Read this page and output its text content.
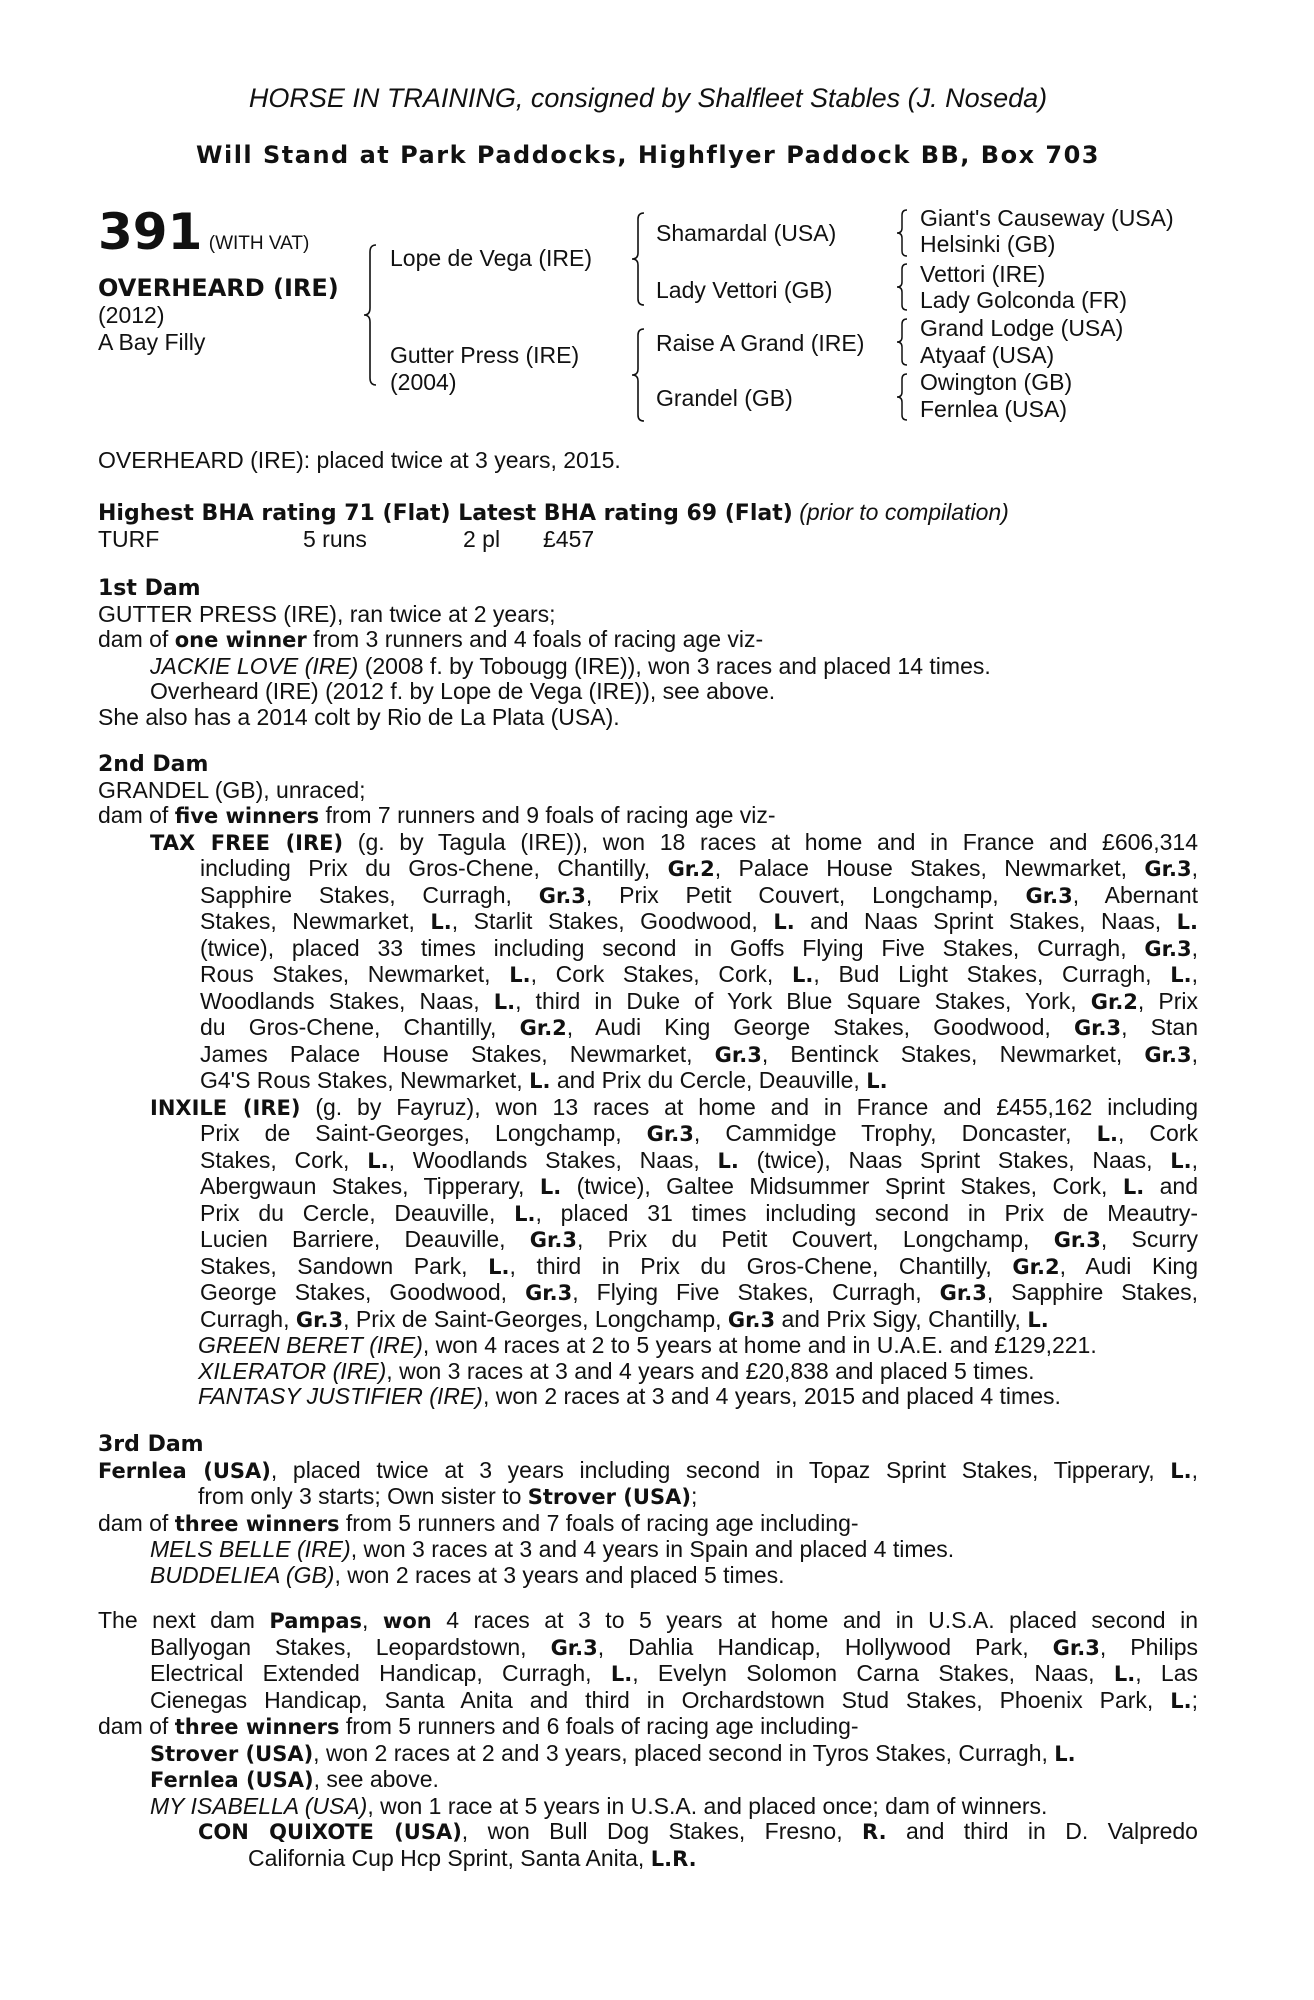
HORSE IN TRAINING, consigned by Shalfleet Stables (J. Noseda)
Will Stand at Park Paddocks, Highflyer Paddock BB, Box 703
391 (WITH VAT)
OVERHEARD (IRE)
(2012)
A Bay Filly
Lope de Vega (IRE)
Gutter Press (IRE)
(2004)
Shamardal (USA)
Lady Vettori (GB)
Raise A Grand (IRE)
Grandel (GB)
Giant's Causeway (USA)
Helsinki (GB)
Vettori (IRE)
Lady Golconda (FR)
Grand Lodge (USA)
Atyaaf (USA)
Owington (GB)
Fernlea (USA)
OVERHEARD (IRE): placed twice at 3 years, 2015.
Highest BHA rating 71 (Flat) Latest BHA rating 69 (Flat) (prior to compilation)
TURF	5 runs	2 pl £457
1st Dam
GUTTER PRESS (IRE), ran twice at 2 years;
dam of one winner from 3 runners and 4 foals of racing age viz-
JACKIE LOVE (IRE) (2008 f. by Tobougg (IRE)), won 3 races and placed 14 times.
Overheard (IRE) (2012 f. by Lope de Vega (IRE)), see above.
She also has a 2014 colt by Rio de La Plata (USA).
2nd Dam
GRANDEL (GB), unraced;
dam of five winners from 7 runners and 9 foals of racing age viz-
TAX FREE (IRE) (g. by Tagula (IRE)), won 18 races at home and in France and £606,314
including Prix du Gros-Chene, Chantilly, Gr.2, Palace House Stakes, Newmarket, Gr.3,
Sapphire Stakes, Curragh, Gr.3, Prix Petit Couvert, Longchamp, Gr.3, Abernant
Stakes, Newmarket, L., Starlit Stakes, Goodwood, L. and Naas Sprint Stakes, Naas, L.
(twice), placed 33 times including second in Goffs Flying Five Stakes, Curragh, Gr.3,
Rous Stakes, Newmarket, L., Cork Stakes, Cork, L., Bud Light Stakes, Curragh, L.,
Woodlands Stakes, Naas, L., third in Duke of York Blue Square Stakes, York, Gr.2, Prix
du Gros-Chene, Chantilly, Gr.2, Audi King George Stakes, Goodwood, Gr.3, Stan
James Palace House Stakes, Newmarket, Gr.3, Bentinck Stakes, Newmarket, Gr.3,
G4'S Rous Stakes, Newmarket, L. and Prix du Cercle, Deauville, L.
INXILE (IRE) (g. by Fayruz), won 13 races at home and in France and £455,162 including
Prix de Saint-Georges, Longchamp, Gr.3, Cammidge Trophy, Doncaster, L., Cork
Stakes, Cork, L., Woodlands Stakes, Naas, L. (twice), Naas Sprint Stakes, Naas, L.,
Abergwaun Stakes, Tipperary, L. (twice), Galtee Midsummer Sprint Stakes, Cork, L. and
Prix du Cercle, Deauville, L., placed 31 times including second in Prix de Meautry-
Lucien Barriere, Deauville, Gr.3, Prix du Petit Couvert, Longchamp, Gr.3, Scurry
Stakes, Sandown Park, L., third in Prix du Gros-Chene, Chantilly, Gr.2, Audi King
George Stakes, Goodwood, Gr.3, Flying Five Stakes, Curragh, Gr.3, Sapphire Stakes,
Curragh, Gr.3, Prix de Saint-Georges, Longchamp, Gr.3 and Prix Sigy, Chantilly, L.
GREEN BERET (IRE), won 4 races at 2 to 5 years at home and in U.A.E. and £129,221.
XILERATOR (IRE), won 3 races at 3 and 4 years and £20,838 and placed 5 times.
FANTASY JUSTIFIER (IRE), won 2 races at 3 and 4 years, 2015 and placed 4 times.
3rd Dam
Fernlea (USA), placed twice at 3 years including second in Topaz Sprint Stakes, Tipperary, L.,
from only 3 starts; Own sister to Strover (USA);
dam of three winners from 5 runners and 7 foals of racing age including-
MELS BELLE (IRE), won 3 races at 3 and 4 years in Spain and placed 4 times.
BUDDELIEA (GB), won 2 races at 3 years and placed 5 times.
The next dam Pampas, won 4 races at 3 to 5 years at home and in U.S.A. placed second in
Ballyogan Stakes, Leopardstown, Gr.3, Dahlia Handicap, Hollywood Park, Gr.3, Philips
Electrical Extended Handicap, Curragh, L., Evelyn Solomon Carna Stakes, Naas, L., Las
Cienegas Handicap, Santa Anita and third in Orchardstown Stud Stakes, Phoenix Park, L.;
dam of three winners from 5 runners and 6 foals of racing age including-
Strover (USA), won 2 races at 2 and 3 years, placed second in Tyros Stakes, Curragh, L.
Fernlea (USA), see above.
MY ISABELLA (USA), won 1 race at 5 years in U.S.A. and placed once; dam of winners.
CON QUIXOTE (USA), won Bull Dog Stakes, Fresno, R. and third in D. Valpredo
California Cup Hcp Sprint, Santa Anita, L.R.
